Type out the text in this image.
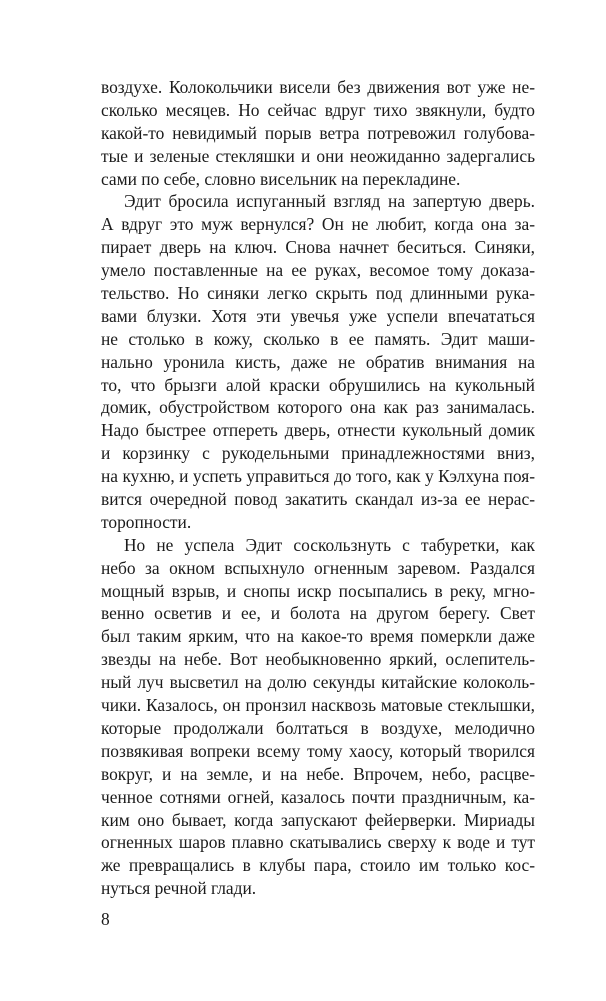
воздухе. Колокольчики висели без движения вот уже не-
сколько месяцев. Но сейчас вдруг тихо звякнули, будто
какой-то невидимый порыв ветра потревожил голубова-
тые и зеленые стекляшки и они неожиданно задергались
сами по себе, словно висельник на перекладине.
Эдит бросила испуганный взгляд на запертую дверь.
А вдруг это муж вернулся? Он не любит, когда она за-
пирает дверь на ключ. Снова начнет беситься. Синяки,
умело поставленные на ее руках, весомое тому доказа-
тельство. Но синяки легко скрыть под длинными рука-
вами блузки. Хотя эти увечья уже успели впечататься
не столько в кожу, сколько в ее память. Эдит маши-
нально уронила кисть, даже не обратив внимания на
то, что брызги алой краски обрушились на кукольный
домик, обустройством которого она как раз занималась.
Надо быстрее отпереть дверь, отнести кукольный домик
и корзинку с рукодельными принадлежностями вниз,
на кухню, и успеть управиться до того, как у Кэлхуна поя-
вится очередной повод закатить скандал из-за ее нерас-
торопности.
Но не успела Эдит соскользнуть с табуретки, как
небо за окном вспыхнуло огненным заревом. Раздался
мощный взрыв, и снопы искр посыпались в реку, мгно-
венно осветив и ее, и болота на другом берегу. Свет
был таким ярким, что на какое-то время померкли даже
звезды на небе. Вот необыкновенно яркий, ослепитель-
ный луч высветил на долю секунды китайские колоколь-
чики. Казалось, он пронзил насквозь матовые стеклышки,
которые продолжали болтаться в воздухе, мелодично
позвякивая вопреки всему тому хаосу, который творился
вокруг, и на земле, и на небе. Впрочем, небо, расцве-
ченное сотнями огней, казалось почти праздничным, ка-
ким оно бывает, когда запускают фейерверки. Мириады
огненных шаров плавно скатывались сверху к воде и тут
же превращались в клубы пара, стоило им только кос-
нуться речной глади.
8
